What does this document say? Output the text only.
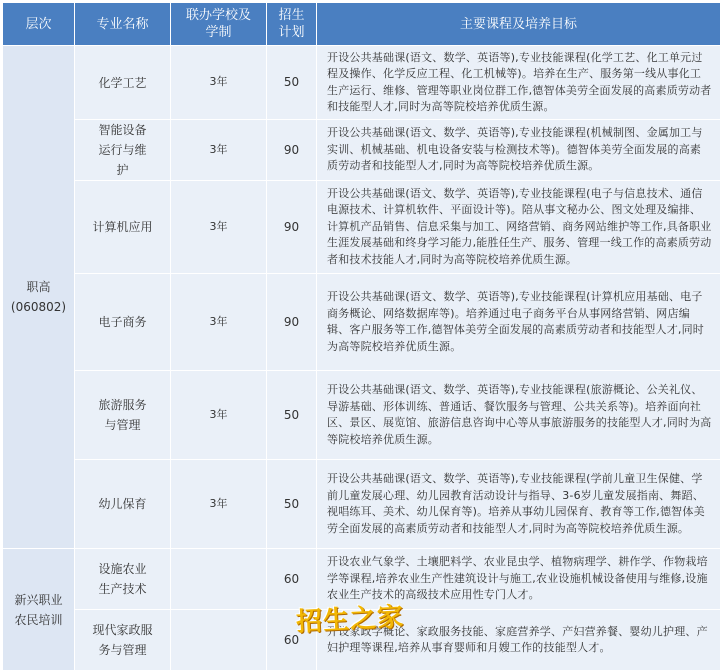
层次	专业名称	联办学校及学制	招生计划	主要课程及培养目标

职高
(060802)	化学工艺	3年	50	开设公共基础课(语文、数学、英语等),专业技能课程(化学工艺、化工单元过程及操作、化学反应工程、化工机械等)。培养在生产、服务第一线从事化工生产运行、维修、管理等职业岗位群工作,德智体美劳全面发展的高素质劳动者和技能型人才,同时为高等院校培养优质生源。
	智能设备运行与维护	3年	90	开设公共基础课(语文、数学、英语等),专业技能课程(机械制图、金属加工与实训、机械基础、机电设备安装与检测技术等)。德智体美劳全面发展的高素质劳动者和技能型人才,同时为高等院校培养优质生源。
	计算机应用	3年	90	开设公共基础课(语文、数学、英语等),专业技能课程(电子与信息技术、通信电源技术、计算机软件、平面设计等)。陪从事文秘办公、图文处理及编排、计算机产品销售、信息采集与加工、网络营销、商务网站维护等工作,具备职业生涯发展基础和终身学习能力,能胜任生产、服务、管理一线工作的高素质劳动者和技术技能人才,同时为高等院校培养优质生源。
	电子商务	3年	90	开设公共基础课(语文、数学、英语等),专业技能课程(计算机应用基础、电子商务概论、网络数据库等)。培养通过电子商务平台从事网络营销、网店编辑、客户服务等工作,德智体美劳全面发展的高素质劳动者和技能型人才,同时为高等院校培养优质生源。
	旅游服务与管理	3年	50	开设公共基础课(语文、数学、英语等),专业技能课程(旅游概论、公关礼仪、导游基础、形体训练、普通话、餐饮服务与管理、公共关系等)。培养面向社区、景区、展览馆、旅游信息咨询中心等从事旅游服务的技能型人才,同时为高等院校培养优质生源。
	幼儿保育	3年	50	开设公共基础课(语文、数学、英语等),专业技能课程(学前儿童卫生保健、学前儿童发展心理、幼儿园教育活动设计与指导、3-6岁儿童发展指南、舞蹈、视唱练耳、美术、幼儿保育等)。培养从事幼儿园保育、教育等工作,德智体美劳全面发展的高素质劳动者和技能型人才,同时为高等院校培养优质生源。

新兴职业农民培训	设施农业生产技术		60	开设农业气象学、土壤肥料学、农业昆虫学、植物病理学、耕作学、作物栽培学等课程,培养农业生产性建筑设计与施工,农业设施机械设备使用与维修,设施农业生产技术的高级技术应用性专门人才。
	现代家政服务与管理		60	开设家政学概论、家政服务技能、家庭营养学、产妇营养餐、婴幼儿护理、产妇护理等课程,培养从事育婴师和月嫂工作的技能型人才。
招生之家
